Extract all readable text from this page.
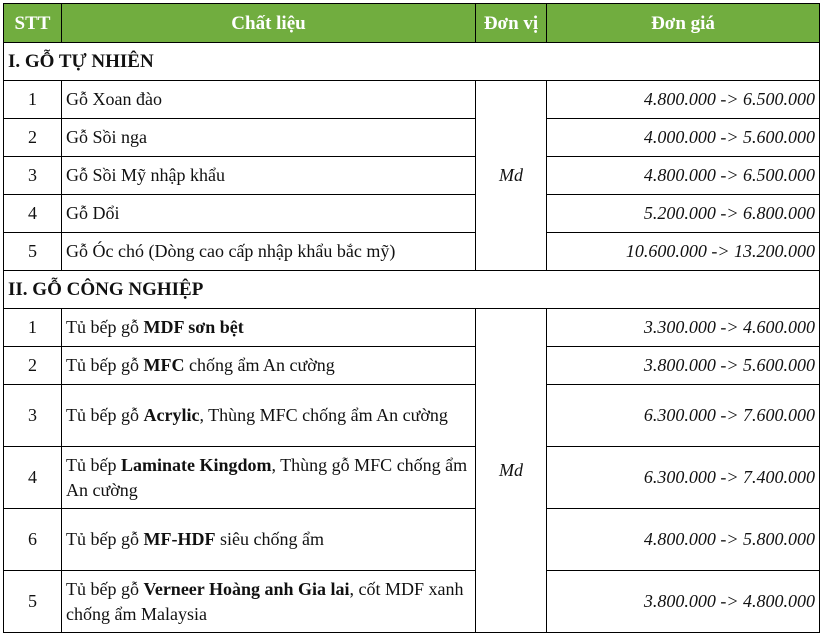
STT	Chất liệu	Đơn vị	Đơn giá
I. GỖ TỰ NHIÊN			
1	Gỗ Xoan đào	Md	4.800.000 -> 6.500.000
2	Gỗ Sồi nga		4.000.000 -> 5.600.000
3	Gỗ Sồi Mỹ nhập khẩu		4.800.000 -> 6.500.000
4	Gỗ Dổi		5.200.000 -> 6.800.000
5	Gỗ Óc chó (Dòng cao cấp nhập khẩu bắc mỹ)		10.600.000 -> 13.200.000
II. GỖ CÔNG NGHIỆP			
1	Tủ bếp gỗ MDF sơn bệt	Md	3.300.000 -> 4.600.000
2	Tủ bếp gỗ MFC chống ẩm An cường		3.800.000 -> 5.600.000
3	Tủ bếp gỗ Acrylic, Thùng MFC chống ẩm An cường		6.300.000 -> 7.600.000
4	Tủ bếp Laminate Kingdom, Thùng gỗ MFC chống ẩm An cường		6.300.000 -> 7.400.000
6	Tủ bếp gỗ MF-HDF siêu chống ẩm		4.800.000 -> 5.800.000
5	Tủ bếp gỗ Verneer Hoàng anh Gia lai, cốt MDF xanh chống ẩm Malaysia		3.800.000 -> 4.800.000
